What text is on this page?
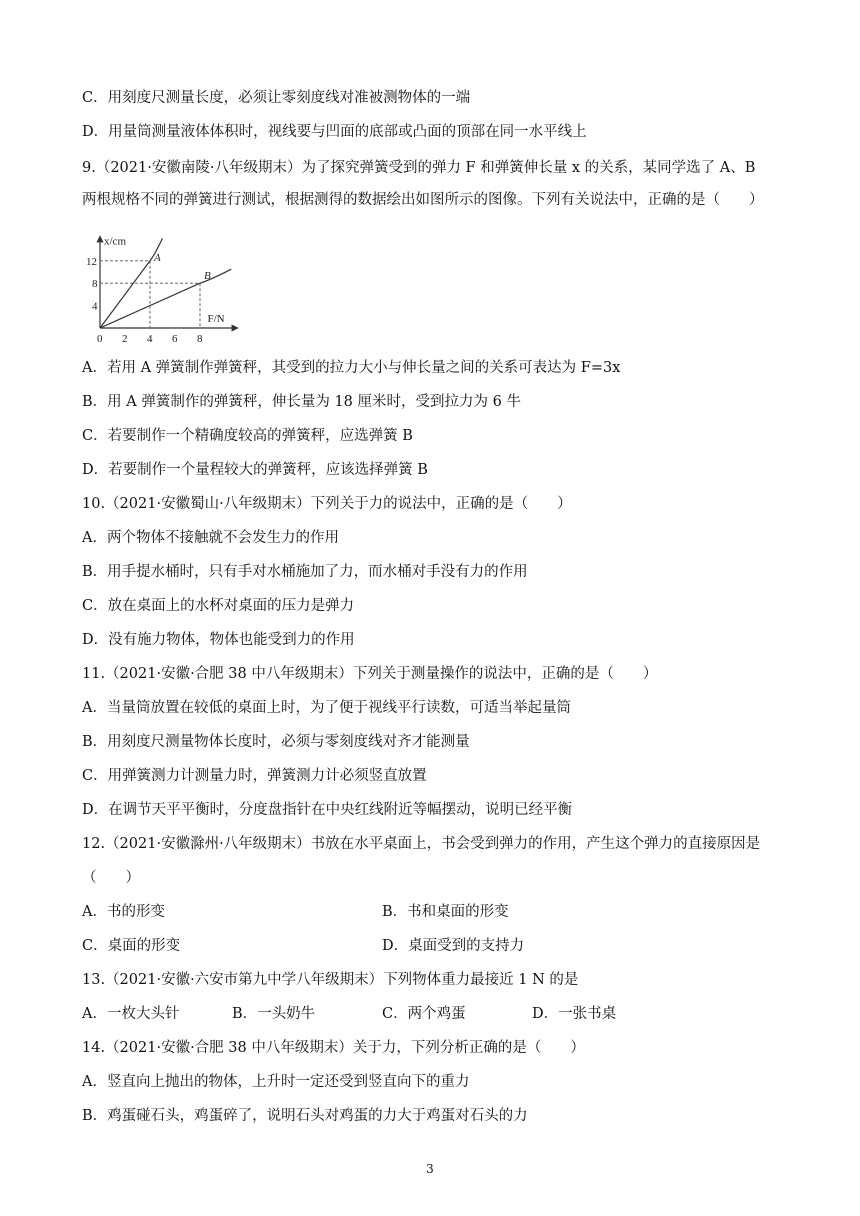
C．用刻度尺测量长度，必须让零刻度线对准被测物体的一端
D．用量筒测量液体体积时，视线要与凹面的底部或凸面的顶部在同一水平线上
9.（2021·安徽南陵·八年级期末）为了探究弹簧受到的弹力 F 和弹簧伸长量 x 的关系，某同学选了 A、B
两根规格不同的弹簧进行测试，根据测得的数据绘出如图所示的图像。下列有关说法中，正确的是（　　）
x/cm
F/N
0 2 4 6 8
4
8
12	A
B
A．若用 A 弹簧制作弹簧秤，其受到的拉力大小与伸长量之间的关系可表达为 F=3x
B．用 A 弹簧制作的弹簧秤，伸长量为 18 厘米时，受到拉力为 6 牛
C．若要制作一个精确度较高的弹簧秤，应选弹簧 B
D．若要制作一个量程较大的弹簧秤，应该选择弹簧 B
10.（2021·安徽蜀山·八年级期末）下列关于力的说法中，正确的是（　　）
A．两个物体不接触就不会发生力的作用
B．用手提水桶时，只有手对水桶施加了力，而水桶对手没有力的作用
C．放在桌面上的水杯对桌面的压力是弹力
D．没有施力物体，物体也能受到力的作用
11.（2021·安徽·合肥 38 中八年级期末）下列关于测量操作的说法中，正确的是（　　）
A．当量筒放置在较低的桌面上时，为了便于视线平行读数，可适当举起量筒
B．用刻度尺测量物体长度时，必须与零刻度线对齐才能测量
C．用弹簧测力计测量力时，弹簧测力计必须竖直放置
D．在调节天平平衡时，分度盘指针在中央红线附近等幅摆动，说明已经平衡
12.（2021·安徽滁州·八年级期末）书放在水平桌面上，书会受到弹力的作用，产生这个弹力的直接原因是
（　　）
A．书的形变	B．书和桌面的形变
C．桌面的形变	D．桌面受到的支持力
13.（2021·安徽·六安市第九中学八年级期末）下列物体重力最接近 1 N 的是
A．一枚大头针	B．一头奶牛	C．两个鸡蛋	D．一张书桌
14.（2021·安徽·合肥 38 中八年级期末）关于力，下列分析正确的是（　　）
A．竖直向上抛出的物体，上升时一定还受到竖直向下的重力
B．鸡蛋碰石头，鸡蛋碎了，说明石头对鸡蛋的力大于鸡蛋对石头的力
3
